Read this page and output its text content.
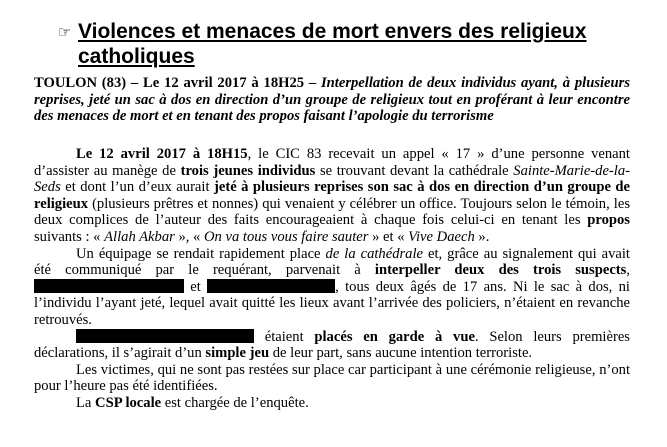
☞ Violences et menaces de mort envers des religieux catholiques

TOULON (83) – Le 12 avril 2017 à 18H25 – Interpellation de deux individus ayant, à plusieurs reprises, jeté un sac à dos en direction d’un groupe de religieux tout en proférant à leur encontre des menaces de mort et en tenant des propos faisant l’apologie du terrorisme

Le 12 avril 2017 à 18H15, le CIC 83 recevait un appel « 17 » d’une personne venant d’assister au manège de trois jeunes individus se trouvant devant la cathédrale Sainte-Marie-de-la-Seds et dont l’un d’eux aurait jeté à plusieurs reprises son sac à dos en direction d’un groupe de religieux (plusieurs prêtres et nonnes) qui venaient y célébrer un office. Toujours selon le témoin, les deux complices de l’auteur des faits encourageaient à chaque fois celui-ci en tenant les propos suivants : « Allah Akbar », « On va tous vous faire sauter » et « Vive Daech ».

Un équipage se rendait rapidement place de la cathédrale et, grâce au signalement qui avait été communiqué par le requérant, parvenait à interpeller deux des trois suspects,  et	, tous deux âgés de 17 ans. Ni le sac à dos, ni l’individu l’ayant jeté, lequel avait quitté les lieux avant l’arrivée des policiers, n’étaient en revanche retrouvés.

étaient placés en garde à vue. Selon leurs premières déclarations, il s’agirait d’un simple jeu de leur part, sans aucune intention terroriste.

Les victimes, qui ne sont pas restées sur place car participant à une cérémonie religieuse, n’ont pour l’heure pas été identifiées.

La CSP locale est chargée de l’enquête.
